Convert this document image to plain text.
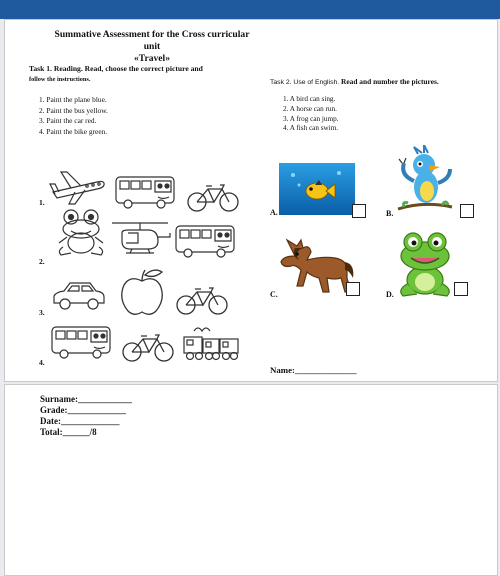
Summative Assessment for the Cross curricular
unit
«Travel»
Task 1. Reading. Read, choose the correct picture and
follow the instructions.
1. Paint the plane blue.
2. Paint the bus yellow.
3. Paint the car red.
4. Paint the bike green.
Task 2. Use of English. Read and number the pictures.
1. A bird can sing.
2. A horse can run.
3. A frog can jump.
4. A fish can swim.
1.
2.
3.
4.
A.	B.
C.	D.
Name:______________
Surname:____________
Grade:_____________
Date:_____________
Total:______/8
